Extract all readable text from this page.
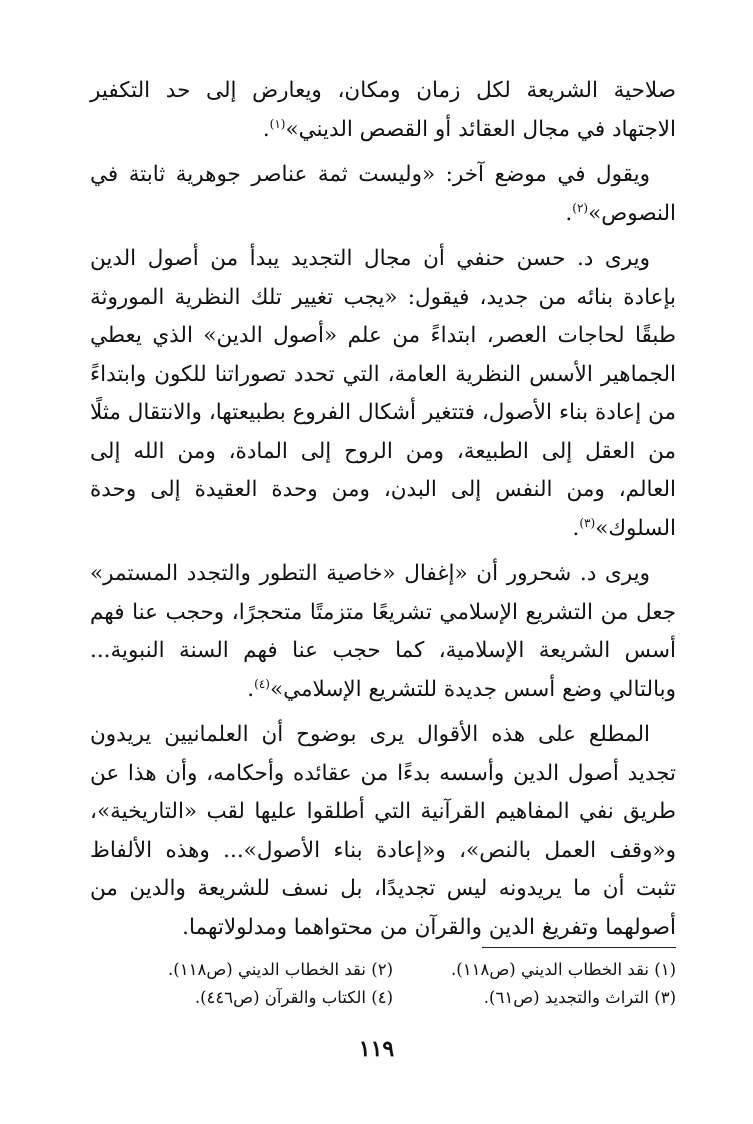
صلاحية الشريعة لكل زمان ومكان، ويعارض إلى حد التكفير الاجتهاد في مجال العقائد أو القصص الديني»$^{(١)}$.

ويقول في موضع آخر: «وليست ثمة عناصر جوهرية ثابتة في النصوص»$^{(٢)}$.

ويرى د. حسن حنفي أن مجال التجديد يبدأ من أصول الدين بإعادة بنائه من جديد، فيقول: «يجب تغيير تلك النظرية الموروثة طبقًا لحاجات العصر، ابتداءً من علم «أصول الدين» الذي يعطي الجماهير الأسس النظرية العامة، التي تحدد تصوراتنا للكون وابتداءً من إعادة بناء الأصول، فتتغير أشكال الفروع بطبيعتها، والانتقال مثلًا من العقل إلى الطبيعة، ومن الروح إلى المادة، ومن الله إلى العالم، ومن النفس إلى البدن، ومن وحدة العقيدة إلى وحدة السلوك»$^{(٣)}$.

ويرى د. شحرور أن «إغفال «خاصية التطور والتجدد المستمر» جعل من التشريع الإسلامي تشريعًا متزمتًا متحجرًا، وحجب عنا فهم أسس الشريعة الإسلامية، كما حجب عنا فهم السنة النبوية... وبالتالي وضع أسس جديدة للتشريع الإسلامي»$^{(٤)}$.

المطلع على هذه الأقوال يرى بوضوح أن العلمانيين يريدون تجديد أصول الدين وأسسه بدءًا من عقائده وأحكامه، وأن هذا عن طريق نفي المفاهيم القرآنية التي أطلقوا عليها لقب «التاريخية»، و«وقف العمل بالنص»، و«إعادة بناء الأصول»... وهذه الألفاظ تثبت أن ما يريدونه ليس تجديدًا، بل نسف للشريعة والدين من أصولهما وتفريغ الدين والقرآن من محتواهما ومدلولاتهما.

(١) نقد الخطاب الديني (ص١١٨).
(٢) نقد الخطاب الديني (ص١١٨).
(٣) التراث والتجديد (ص٦١).
(٤) الكتاب والقرآن (ص٤٤٦).
١١٩
